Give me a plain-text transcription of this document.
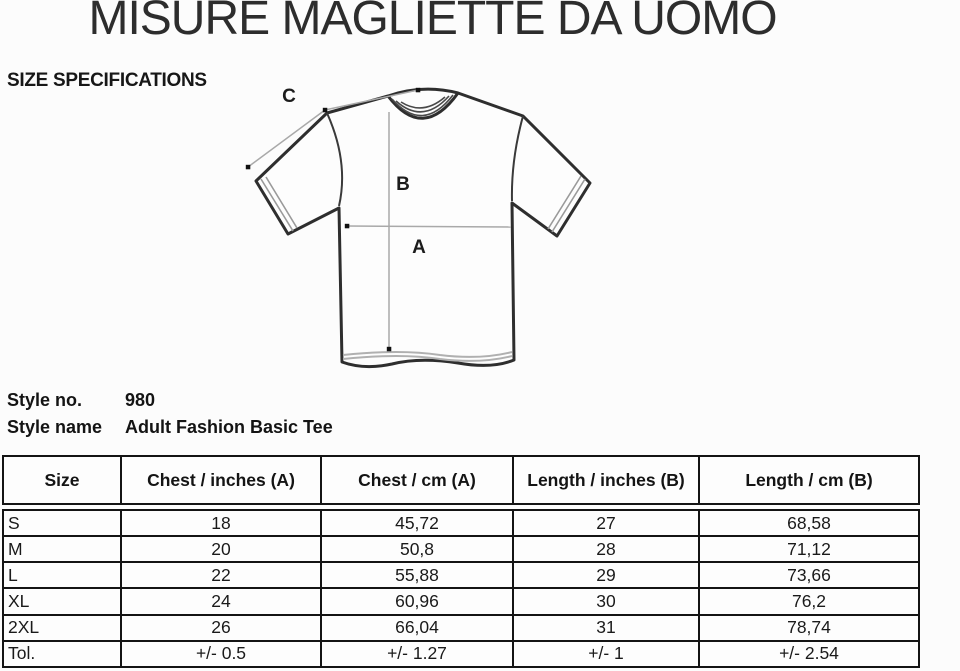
MISURE MAGLIETTE DA UOMO
SIZE SPECIFICATIONS
C
B
A
Style no.	980
Style name	Adult Fashion Basic Tee
Size	Chest / inches (A)	Chest / cm (A)	Length / inches (B)	Length / cm (B)
S	18	45,72	27	68,58
M	20	50,8	28	71,12
L	22	55,88	29	73,66
XL	24	60,96	30	76,2
2XL	26	66,04	31	78,74
Tol.	+/- 0.5	+/- 1.27	+/- 1	+/- 2.54
